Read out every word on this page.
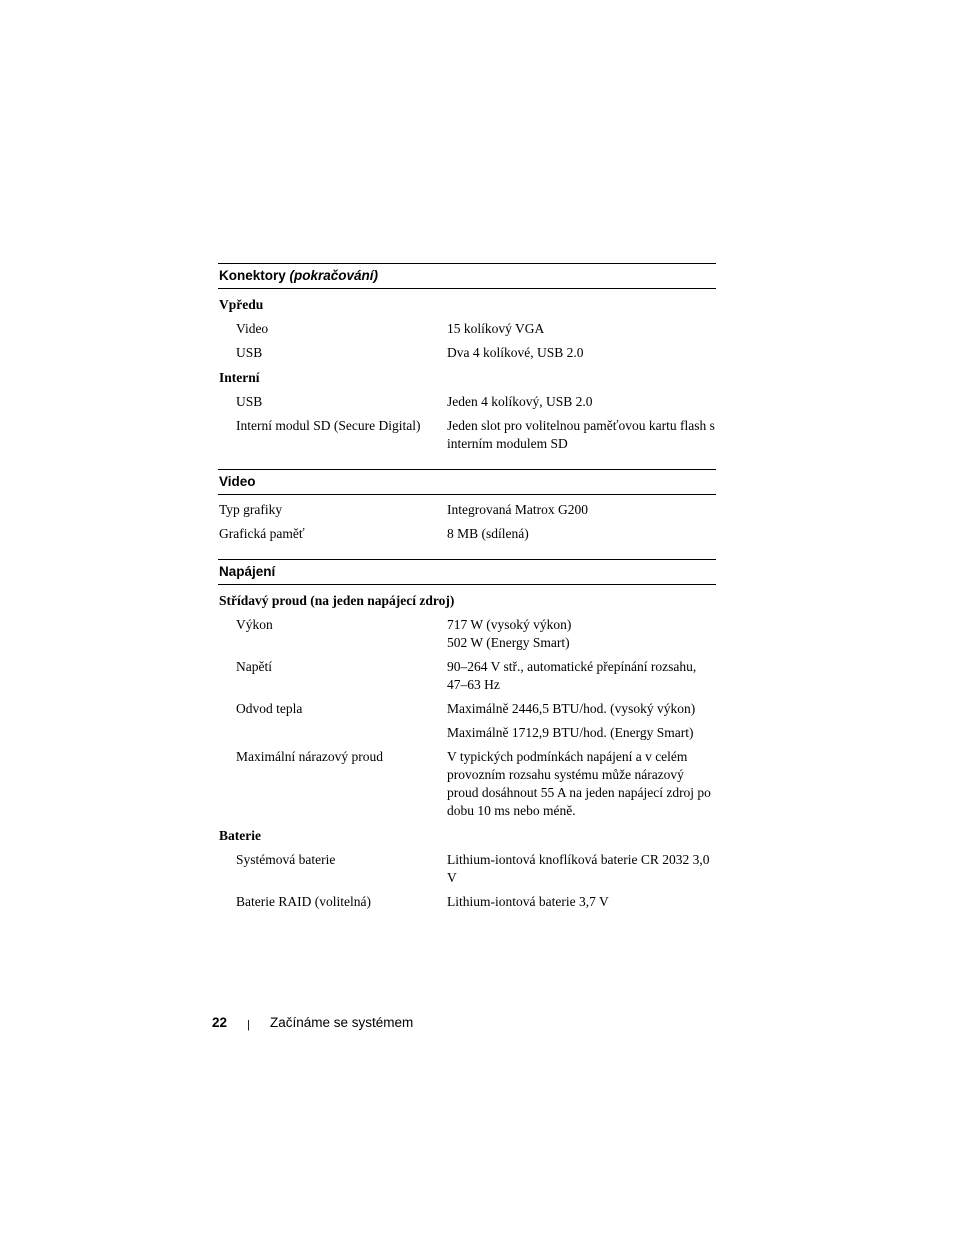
Konektory (pokračování)
Vpředu
Video	15 kolíkový VGA
USB	Dva 4 kolíkové, USB 2.0
Interní
USB	Jeden 4 kolíkový, USB 2.0
Interní modul SD (Secure Digital)	Jeden slot pro volitelnou paměťovou kartu flash s interním modulem SD
Video
Typ grafiky	Integrovaná Matrox G200
Grafická paměť	8 MB (sdílená)
Napájení
Střídavý proud (na jeden napájecí zdroj)
Výkon	717 W (vysoký výkon)
502 W (Energy Smart)
Napětí	90–264 V stř., automatické přepínání rozsahu, 47–63 Hz
Odvod tepla	Maximálně 2446,5 BTU/hod. (vysoký výkon)
Maximálně 1712,9 BTU/hod. (Energy Smart)
Maximální nárazový proud	V typických podmínkách napájení a v celém provozním rozsahu systému může nárazový proud dosáhnout 55 A na jeden napájecí zdroj po dobu 10 ms nebo méně.
Baterie
Systémová baterie	Lithium-iontová knoflíková baterie CR 2032 3,0 V
Baterie RAID (volitelná)	Lithium-iontová baterie 3,7 V
22 | Začínáme se systémem
